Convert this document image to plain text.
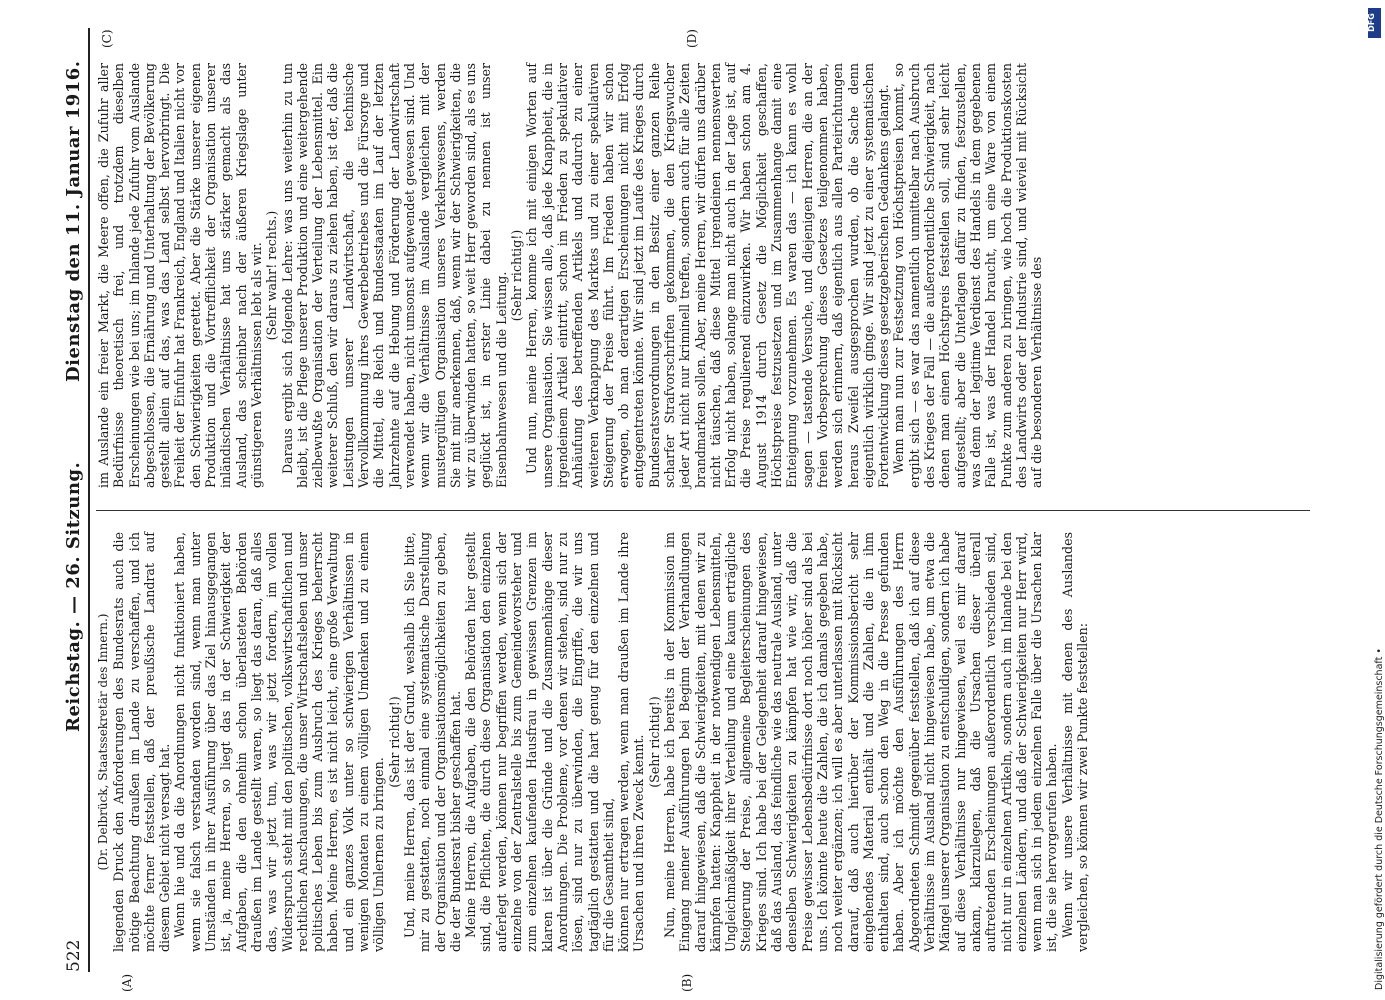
522
Reichstag. — 26. Sitzung.
Dienstag den 11. Januar 1916.

(Dr. Delbrück, Staatssekretär des Innern.) liegenden Druck den Anforderungen des Bundesrats auch die nötige Beachtung draußen im Lande zu verschaffen, und ich möchte ferner feststellen, daß der preußische Landrat auf diesem Gebiet nicht versagt hat. Wenn hie und da die Anordnungen nicht funktioniert haben, wenn sie falsch verstanden worden sind, wenn man unter Umständen in ihrer Ausführung über das Ziel hinausgegangen ist, ja, meine Herren, so liegt das in der Schwierigkeit der Aufgaben, die den ohnehin schon überlasteten Behörden draußen im Lande gestellt waren, so liegt das daran, daß alles das, was wir jetzt tun, was wir jetzt fordern, im vollen Widerspruch steht mit den politischen, volkswirtschaftlichen und rechtlichen Anschauungen, die unser Wirtschaftsleben und unser politisches Leben bis zum Ausbruch des Krieges beherrscht haben. Meine Herren, es ist nicht leicht, eine große Verwaltung und ein ganzes Volk unter so schwierigen Verhältnissen in wenigen Monaten zu einem völligen Umdenken und zu einem völligen Umlernen zu bringen.

(Sehr richtig!) Und, meine Herren, das ist der Grund, weshalb ich Sie bitte, mir zu gestatten, noch einmal eine systematische Darstellung der Organisation und der Organisationsmöglichkeiten zu geben, die der Bundesrat bisher geschaffen hat. Meine Herren, die Aufgaben, die den Behörden hier gestellt sind, die Pflichten, die durch diese Organisation den einzelnen auferlegt werden, können nur begriffen werden, wenn sich der einzelne von der Zentralstelle bis zum Gemeindevorsteher und zum einzelnen kaufenden Hausfrau in gewissen Grenzen im klaren ist über die Gründe und die Zusammenhänge dieser Anordnungen. Die Probleme, vor denen wir stehen, sind nur zu lösen, sind nur zu überwinden, die Eingriffe, die wir uns tagtäglich gestatten und die hart genug für den einzelnen und für die Gesamtheit sind, können nur ertragen werden, wenn man draußen im Lande ihre Ursachen und ihren Zweck kennt. (Sehr richtig!) Nun, meine Herren, habe ich bereits in der Kommission im Eingang meiner Ausführungen bei Beginn der Verhandlungen darauf hingewiesen, daß die Schwierigkeiten, mit denen wir zu kämpfen hatten: Knappheit in der notwendigen Lebensmitteln, Ungleichmäßigkeit ihrer Verteilung und eine kaum erträgliche Steigerung der Preise, allgemeine Begleiterscheinungen des Krieges sind. Ich habe bei der Gelegenheit darauf hingewiesen, daß das Ausland, das feindliche wie das neutrale Ausland, unter denselben Schwierigkeiten zu kämpfen hat wie wir, daß die Preise gewisser Lebensbedürfnisse dort noch höher sind als bei uns. Ich könnte heute die Zahlen, die ich damals gegeben habe, noch weiter ergänzen; ich will es aber unterlassen mit Rücksicht darauf, daß auch hierüber der Kommissionsbericht sehr eingehendes Material enthält und die Zahlen, die in ihm enthalten sind, auch schon den Weg in die Presse gefunden haben. Aber ich möchte den Ausführungen des Herrn Abgeordneten Schmidt gegenüber feststellen, daß ich auf diese Verhältnisse im Ausland nicht hingewiesen habe, um etwa die Mängel unserer Organisation zu entschuldigen, sondern ich habe auf diese Verhältnisse nur hingewiesen, weil es mir darauf ankam, klarzulegen, daß die Ursachen dieser überall auftretenden Erscheinungen außerordentlich verschieden sind, nicht nur in einzelnen Artikeln, sondern auch im Inlande bei den einzelnen Ländern, und daß der Schwierigkeiten nur Herr wird, wenn man sich in jedem einzelnen Falle über die Ursachen klar ist, die sie hervorgerufen haben. Wenn wir unsere Verhältnisse mit denen des Auslandes vergleichen, so können wir zwei Punkte feststellen:

im Auslande ein freier Markt, die Meere offen, die Zufuhr aller Bedürfnisse theoretisch frei, und trotzdem dieselben Erscheinungen wie bei uns; im Inlande jede Zufuhr vom Auslande abgeschlossen, die Ernährung und Unterhaltung der Bevölkerung gestellt allein auf das, was das Land selbst hervorbringt. Die Freiheit der Einfuhr hat Frankreich, England und Italien nicht vor den Schwierigkeiten gerettet. Aber die Stärke unserer eigenen Produktion und die Vortrefflichkeit der Organisation unserer inländischen Verhältnisse hat uns stärker gemacht als das Ausland, das scheinbar nach der äußeren Kriegslage unter günstigeren Verhältnissen lebt als wir. (Sehr wahr! rechts.) Daraus ergibt sich folgende Lehre: was uns weiterhin zu tun bleibt, ist die Pflege unserer Produktion und eine weitergehende zielbewußte Organisation der Verteilung der Lebensmittel. Ein weiterer Schluß, den wir daraus zu ziehen haben, ist der, daß die Leistungen unserer Landwirtschaft, die technische Vervollkommnung ihres Gewerbebetriebes und die Fürsorge und die Mittel, die Reich und Bundesstaaten im Lauf der letzten Jahrzehnte auf die Hebung und Förderung der Landwirtschaft verwendet haben, nicht umsonst aufgewendet gewesen sind. Und wenn wir die Verhältnisse im Auslande vergleichen mit der mustergültigen Organisation unseres Verkehrswesens, werden Sie mit mir anerkennen, daß, wenn wir der Schwierigkeiten, die wir zu überwinden hatten, so weit Herr geworden sind, als es uns geglückt ist, in erster Linie dabei zu nennen ist unser Eisenbahnwesen und die Leitung. (Sehr richtig!) Und nun, meine Herren, komme ich mit einigen Worten auf unsere Organisation. Sie wissen alle, daß jede Knappheit, die in irgendeinem Artikel eintritt, schon im Frieden zu spekulativer Anhäufung des betreffenden Artikels und dadurch zu einer weiteren Verknappung des Marktes und zu einer spekulativen Steigerung der Preise führt. Im Frieden haben wir schon erwogen, ob man derartigen Erscheinungen nicht mit Erfolg entgegentreten könnte. Wir sind jetzt im Laufe des Krieges durch Bundesratsverordnungen in den Besitz einer ganzen Reihe scharfer Strafvorschriften gekommen, die den Kriegswucher jeder Art nicht nur kriminell treffen, sondern auch für alle Zeiten brandmarken sollen. Aber, meine Herren, wir dürfen uns darüber nicht täuschen, daß diese Mittel irgendeinen nennenswerten Erfolg nicht haben, solange man nicht auch in der Lage ist, auf die Preise regulierend einzuwirken. Wir haben schon am 4. August 1914 durch Gesetz die Möglichkeit geschaffen, Höchstpreise festzusetzen und im Zusammenhange damit eine Enteignung vorzunehmen. Es waren das — ich kann es wohl sagen — tastende Versuche, und diejenigen Herren, die an der freien Vorbesprechung dieses Gesetzes teilgenommen haben, werden sich erinnern, daß eigentlich aus allen Parteirichtungen heraus Zweifel ausgesprochen wurden, ob die Sache denn eigentlich wirklich ginge. Wir sind jetzt zu einer systematischen Fortentwicklung dieses gesetzgeberischen Gedankens gelangt. Wenn man nun zur Festsetzung von Höchstpreisen kommt, so ergibt sich — es war das namentlich unmittelbar nach Ausbruch des Krieges der Fall — die außerordentliche Schwierigkeit, nach denen man einen Höchstpreis feststellen soll, sind sehr leicht aufgestellt; aber die Unterlagen dafür zu finden, festzustellen, was denn der legitime Verdienst des Handels in dem gegebenen Falle ist, was der Handel braucht, um eine Ware von einem Punkte zum anderen zu bringen, wie hoch die Produktionskosten des Landwirts oder der Industrie sind, und wieviel mit Rücksicht auf die besonderen Verhältnisse des

(A)	(B)
(C)	(D)
Digitalisierung gefördert durch die Deutsche Forschungsgemeinschaft •
DFG
